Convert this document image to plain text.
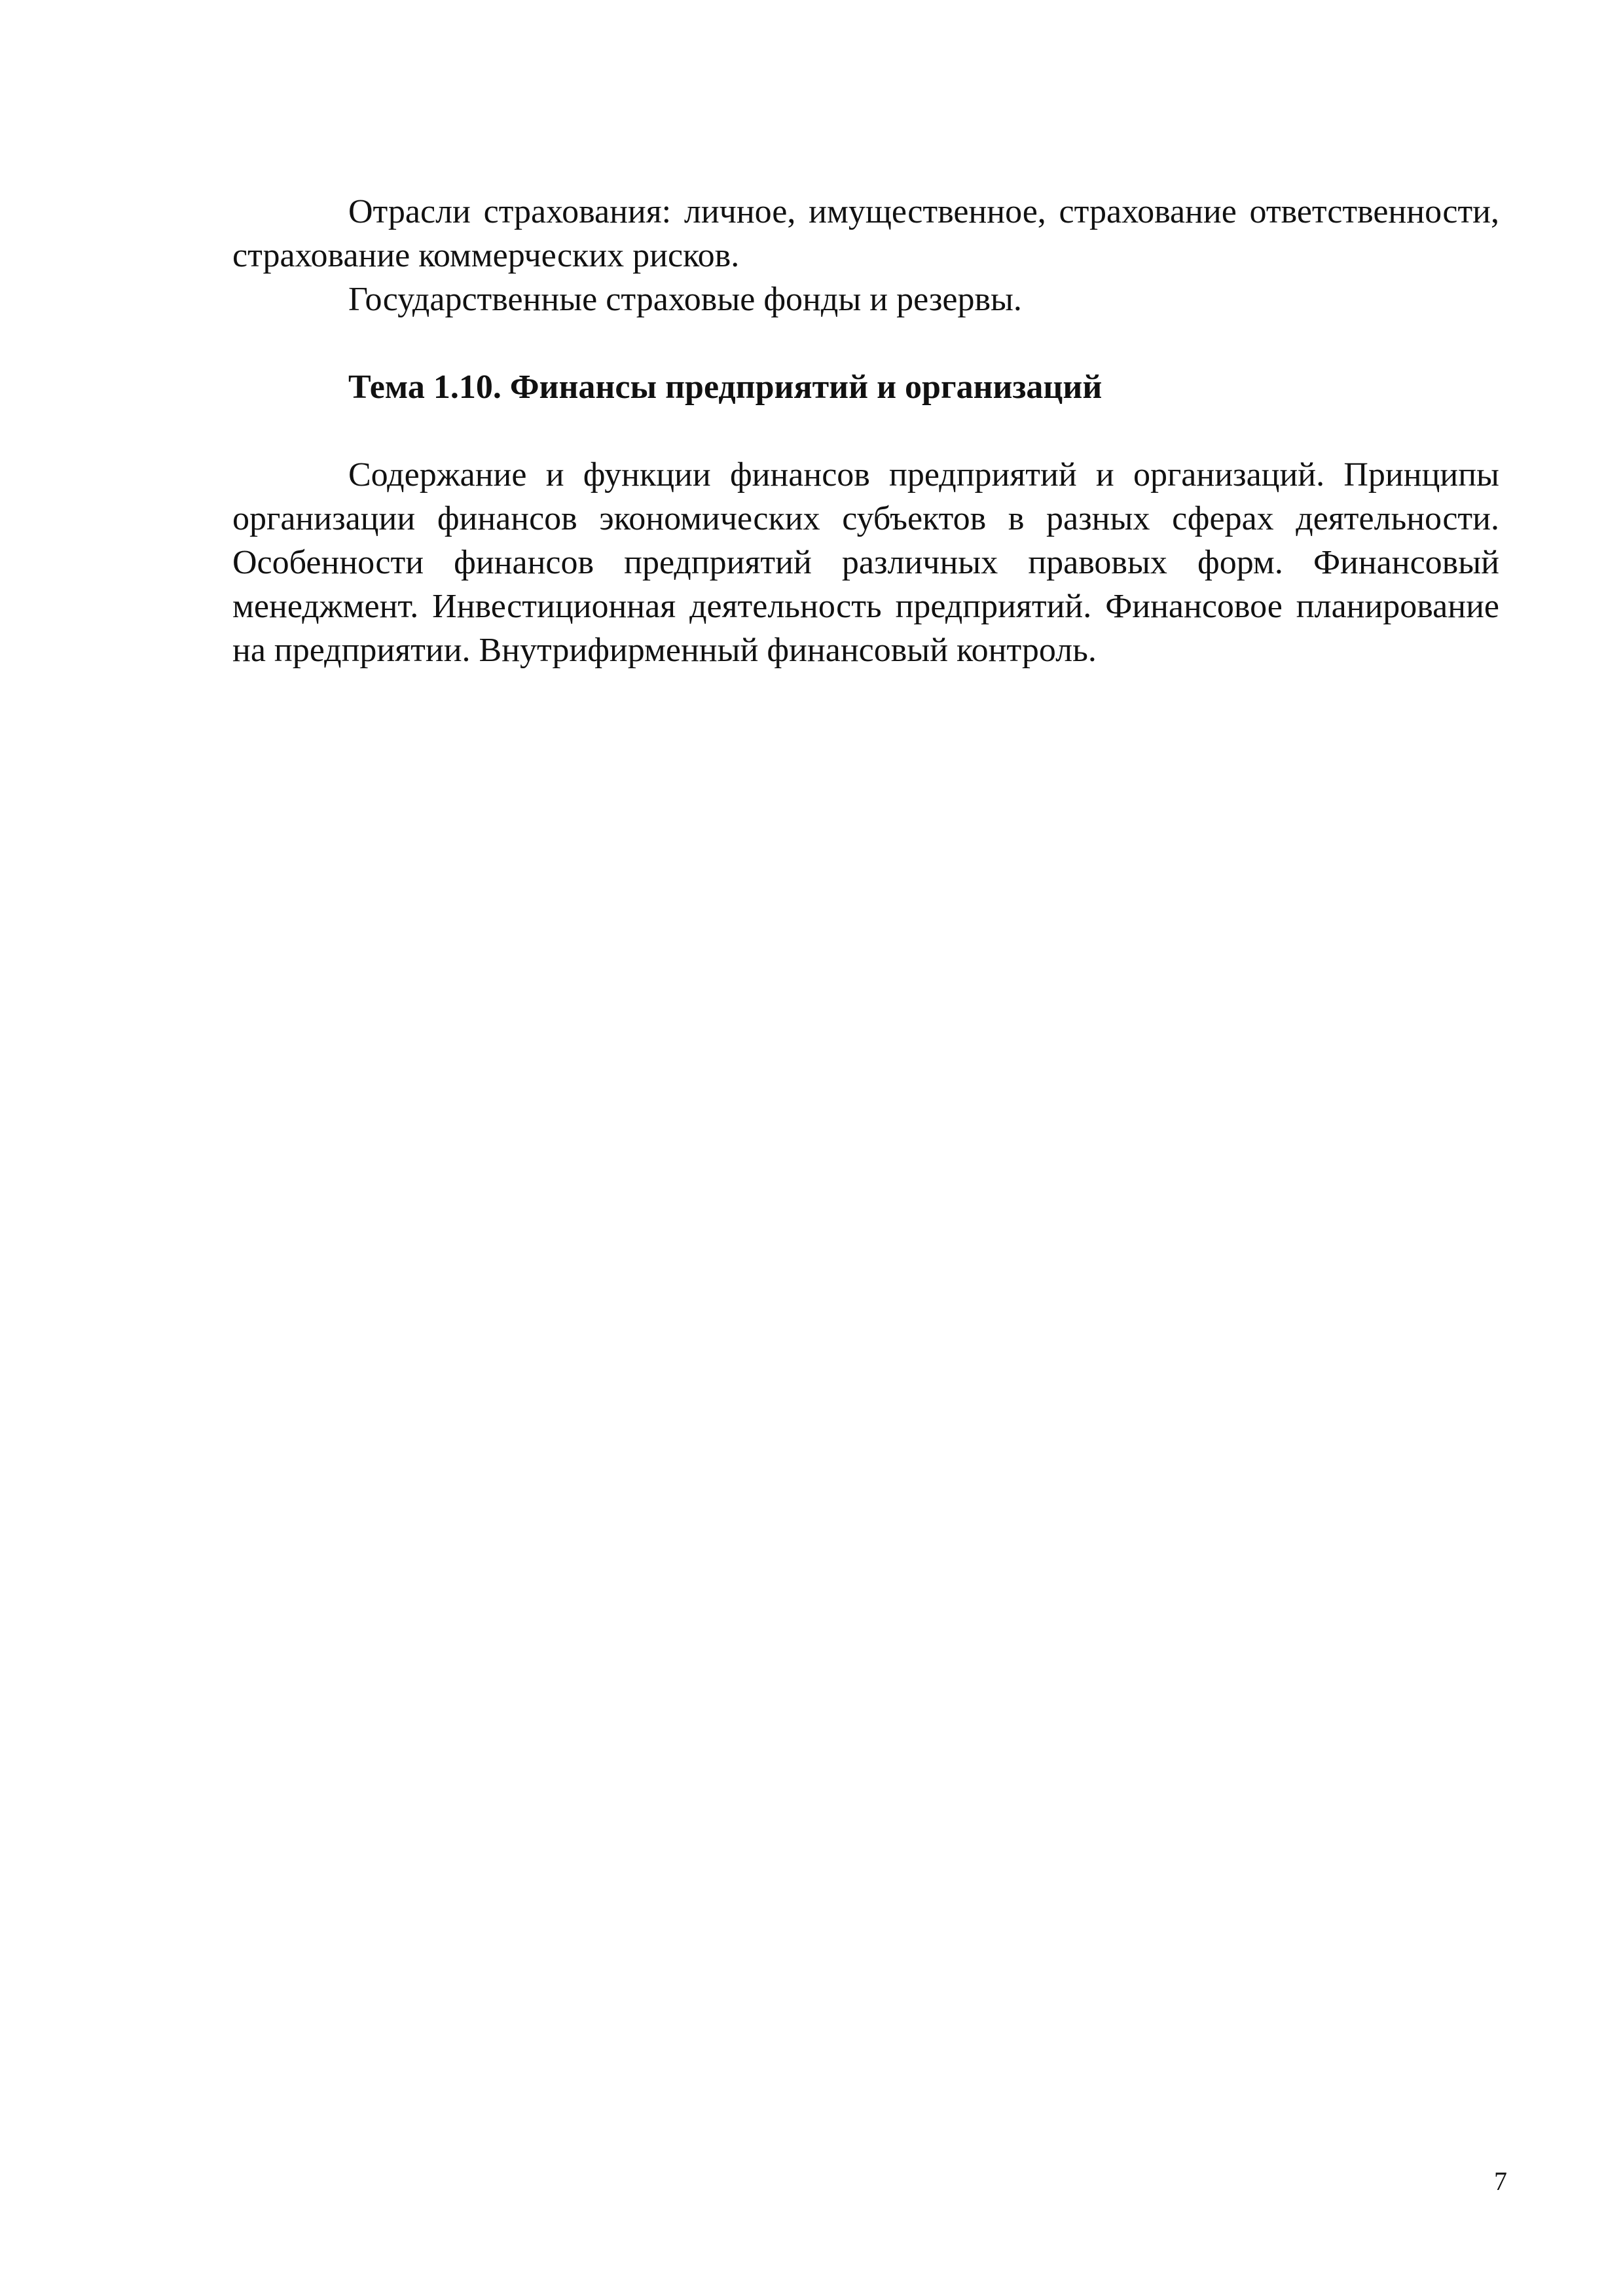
Отрасли страхования: личное, имущественное, страхование ответственности, страхование коммерческих рисков.

Государственные страховые фонды и резервы.

Тема 1.10. Финансы предприятий и организаций

Содержание и функции финансов предприятий и организаций. Принципы организации финансов экономических субъектов в разных сферах деятельности. Особенности финансов предприятий различных правовых форм. Финансовый менеджмент. Инвестиционная деятельность предприятий. Финансовое планирование на предприятии. Внутрифирменный финансовый контроль.

7
